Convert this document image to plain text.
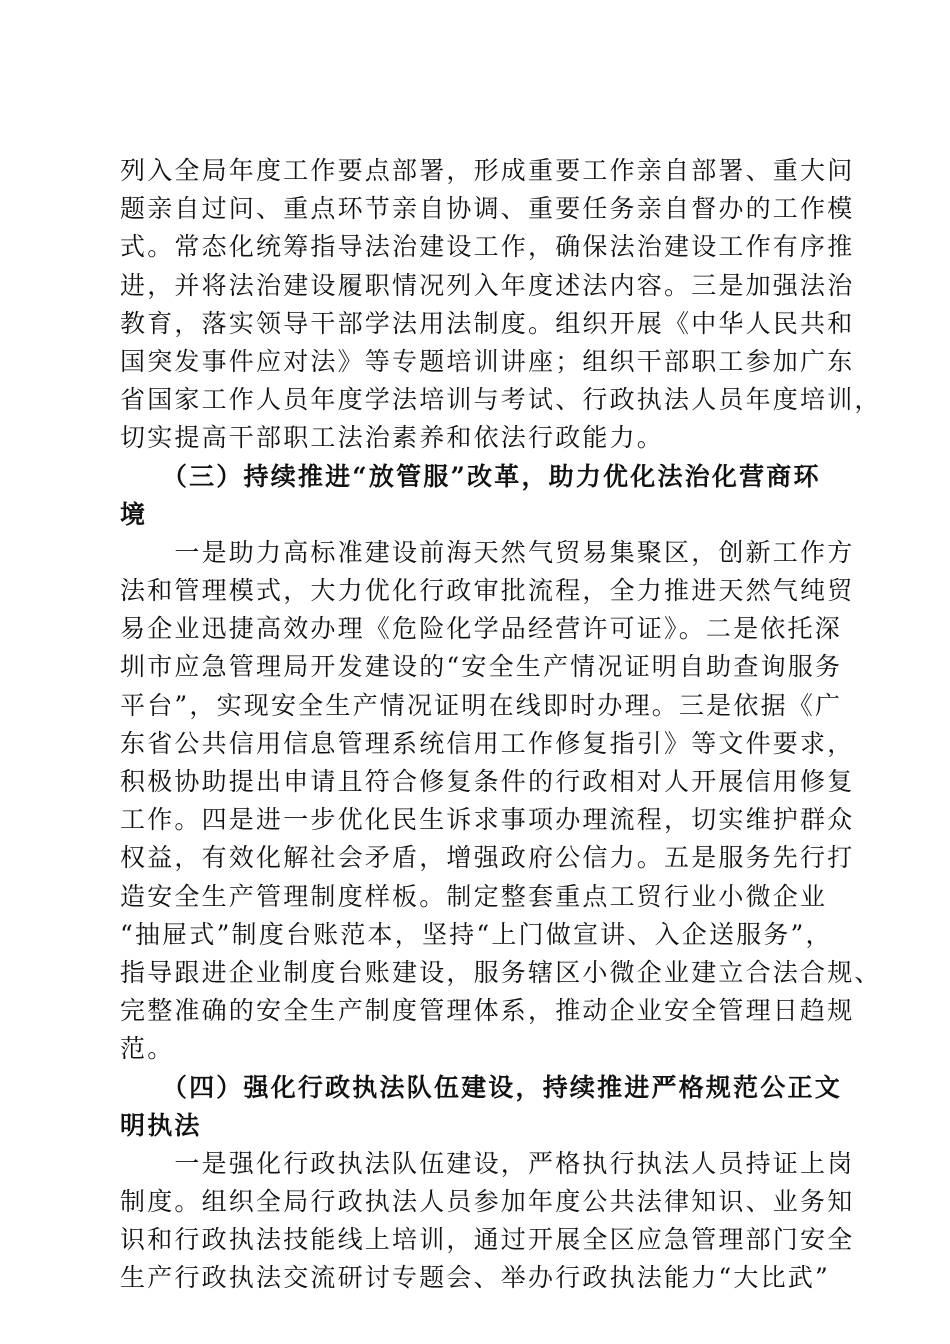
列入全局年度工作要点部署，形成重要工作亲自部署、重大问
题亲自过问、重点环节亲自协调、重要任务亲自督办的工作模
式。常态化统筹指导法治建设工作，确保法治建设工作有序推
进，并将法治建设履职情况列入年度述法内容。三是加强法治
教育，落实领导干部学法用法制度。组织开展《中华人民共和
国突发事件应对法》等专题培训讲座；组织干部职工参加广东
省国家工作人员年度学法培训与考试、行政执法人员年度培训，
切实提高干部职工法治素养和依法行政能力。
　　（三）持续推进“放管服”改革，助力优化法治化营商环
境
　　一是助力高标准建设前海天然气贸易集聚区，创新工作方
法和管理模式，大力优化行政审批流程，全力推进天然气纯贸
易企业迅捷高效办理《危险化学品经营许可证》。二是依托深
圳市应急管理局开发建设的“安全生产情况证明自助查询服务
平台”，实现安全生产情况证明在线即时办理。三是依据《广
东省公共信用信息管理系统信用工作修复指引》等文件要求，
积极协助提出申请且符合修复条件的行政相对人开展信用修复
工作。四是进一步优化民生诉求事项办理流程，切实维护群众
权益，有效化解社会矛盾，增强政府公信力。五是服务先行打
造安全生产管理制度样板。制定整套重点工贸行业小微企业
“抽屉式”制度台账范本，坚持“上门做宣讲、入企送服务”，
指导跟进企业制度台账建设，服务辖区小微企业建立合法合规、
完整准确的安全生产制度管理体系，推动企业安全管理日趋规
范。
　　（四）强化行政执法队伍建设，持续推进严格规范公正文
明执法
　　一是强化行政执法队伍建设，严格执行执法人员持证上岗
制度。组织全局行政执法人员参加年度公共法律知识、业务知
识和行政执法技能线上培训，通过开展全区应急管理部门安全
生产行政执法交流研讨专题会、举办行政执法能力“大比武”
